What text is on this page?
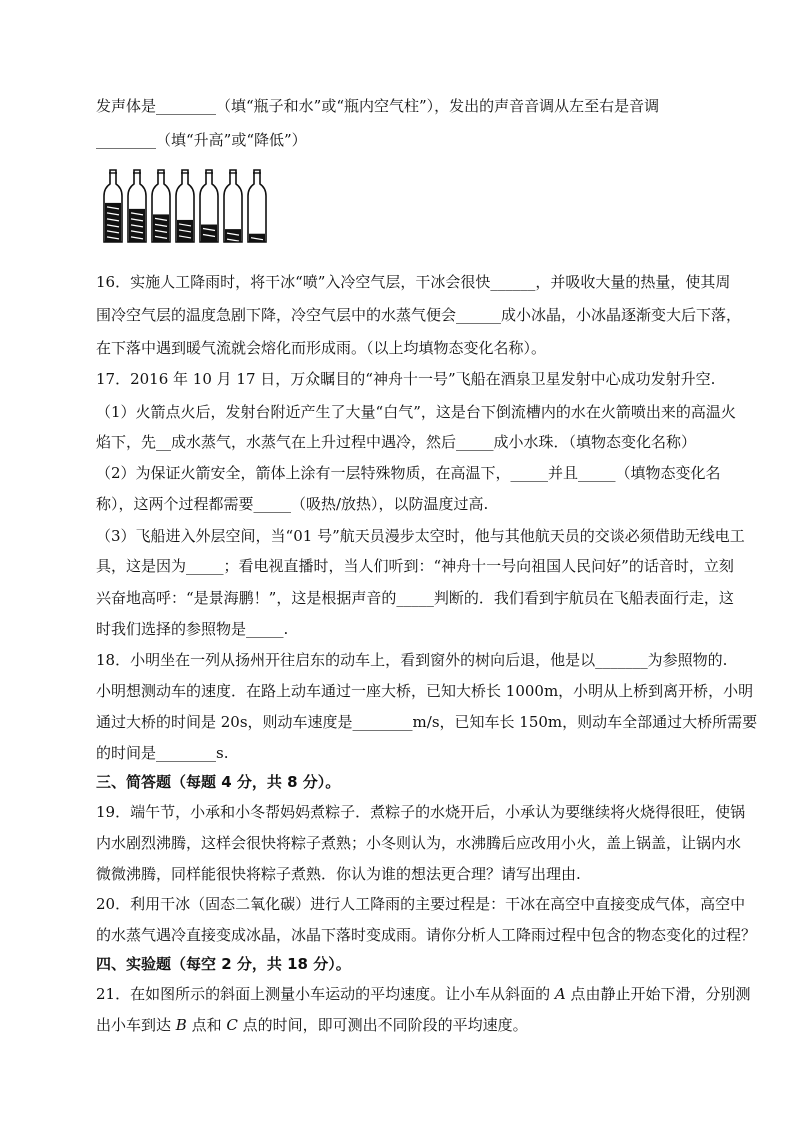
发声体是________（填“瓶子和水”或“瓶内空气柱”），发出的声音音调从左至右是音调
________（填“升高”或“降低”）
16．实施人工降雨时，将干冰“喷”入冷空气层，干冰会很快______，并吸收大量的热量，使其周
围冷空气层的温度急剧下降，冷空气层中的水蒸气便会______成小冰晶，小冰晶逐渐变大后下落，
在下落中遇到暖气流就会熔化而形成雨。（以上均填物态变化名称）。
17．2016 年 10 月 17 日，万众瞩目的“神舟十一号”飞船在酒泉卫星发射中心成功发射升空.
（1）火箭点火后，发射台附近产生了大量“白气”，这是台下倒流槽内的水在火箭喷出来的高温火
焰下，先__成水蒸气，水蒸气在上升过程中遇冷，然后_____成小水珠．（填物态变化名称）
（2）为保证火箭安全，箭体上涂有一层特殊物质，在高温下，_____并且_____（填物态变化名
称），这两个过程都需要_____（吸热/放热），以防温度过高.
（3）飞船进入外层空间，当“01 号”航天员漫步太空时，他与其他航天员的交谈必须借助无线电工
具，这是因为_____；看电视直播时，当人们听到：“神舟十一号向祖国人民问好”的话音时，立刻
兴奋地高呼：“是景海鹏！”，这是根据声音的_____判断的．我们看到宇航员在飞船表面行走，这
时我们选择的参照物是_____.
18．小明坐在一列从扬州开往启东的动车上，看到窗外的树向后退，他是以_______为参照物的.
小明想测动车的速度．在路上动车通过一座大桥，已知大桥长 1000m，小明从上桥到离开桥，小明
通过大桥的时间是 20s，则动车速度是________m/s，已知车长 150m，则动车全部通过大桥所需要
的时间是________s.
三、简答题（每题 4 分，共 8 分）。
19．端午节，小承和小冬帮妈妈煮粽子．煮粽子的水烧开后，小承认为要继续将火烧得很旺，使锅
内水剧烈沸腾，这样会很快将粽子煮熟；小冬则认为，水沸腾后应改用小火，盖上锅盖，让锅内水
微微沸腾，同样能很快将粽子煮熟．你认为谁的想法更合理？请写出理由.
20．利用干冰（固态二氧化碳）进行人工降雨的主要过程是：干冰在高空中直接变成气体，高空中
的水蒸气遇冷直接变成冰晶，冰晶下落时变成雨。请你分析人工降雨过程中包含的物态变化的过程？
四、实验题（每空 2 分，共 18 分）。
21．在如图所示的斜面上测量小车运动的平均速度。让小车从斜面的 A 点由静止开始下滑，分别测
出小车到达 B 点和 C 点的时间，即可测出不同阶段的平均速度。
